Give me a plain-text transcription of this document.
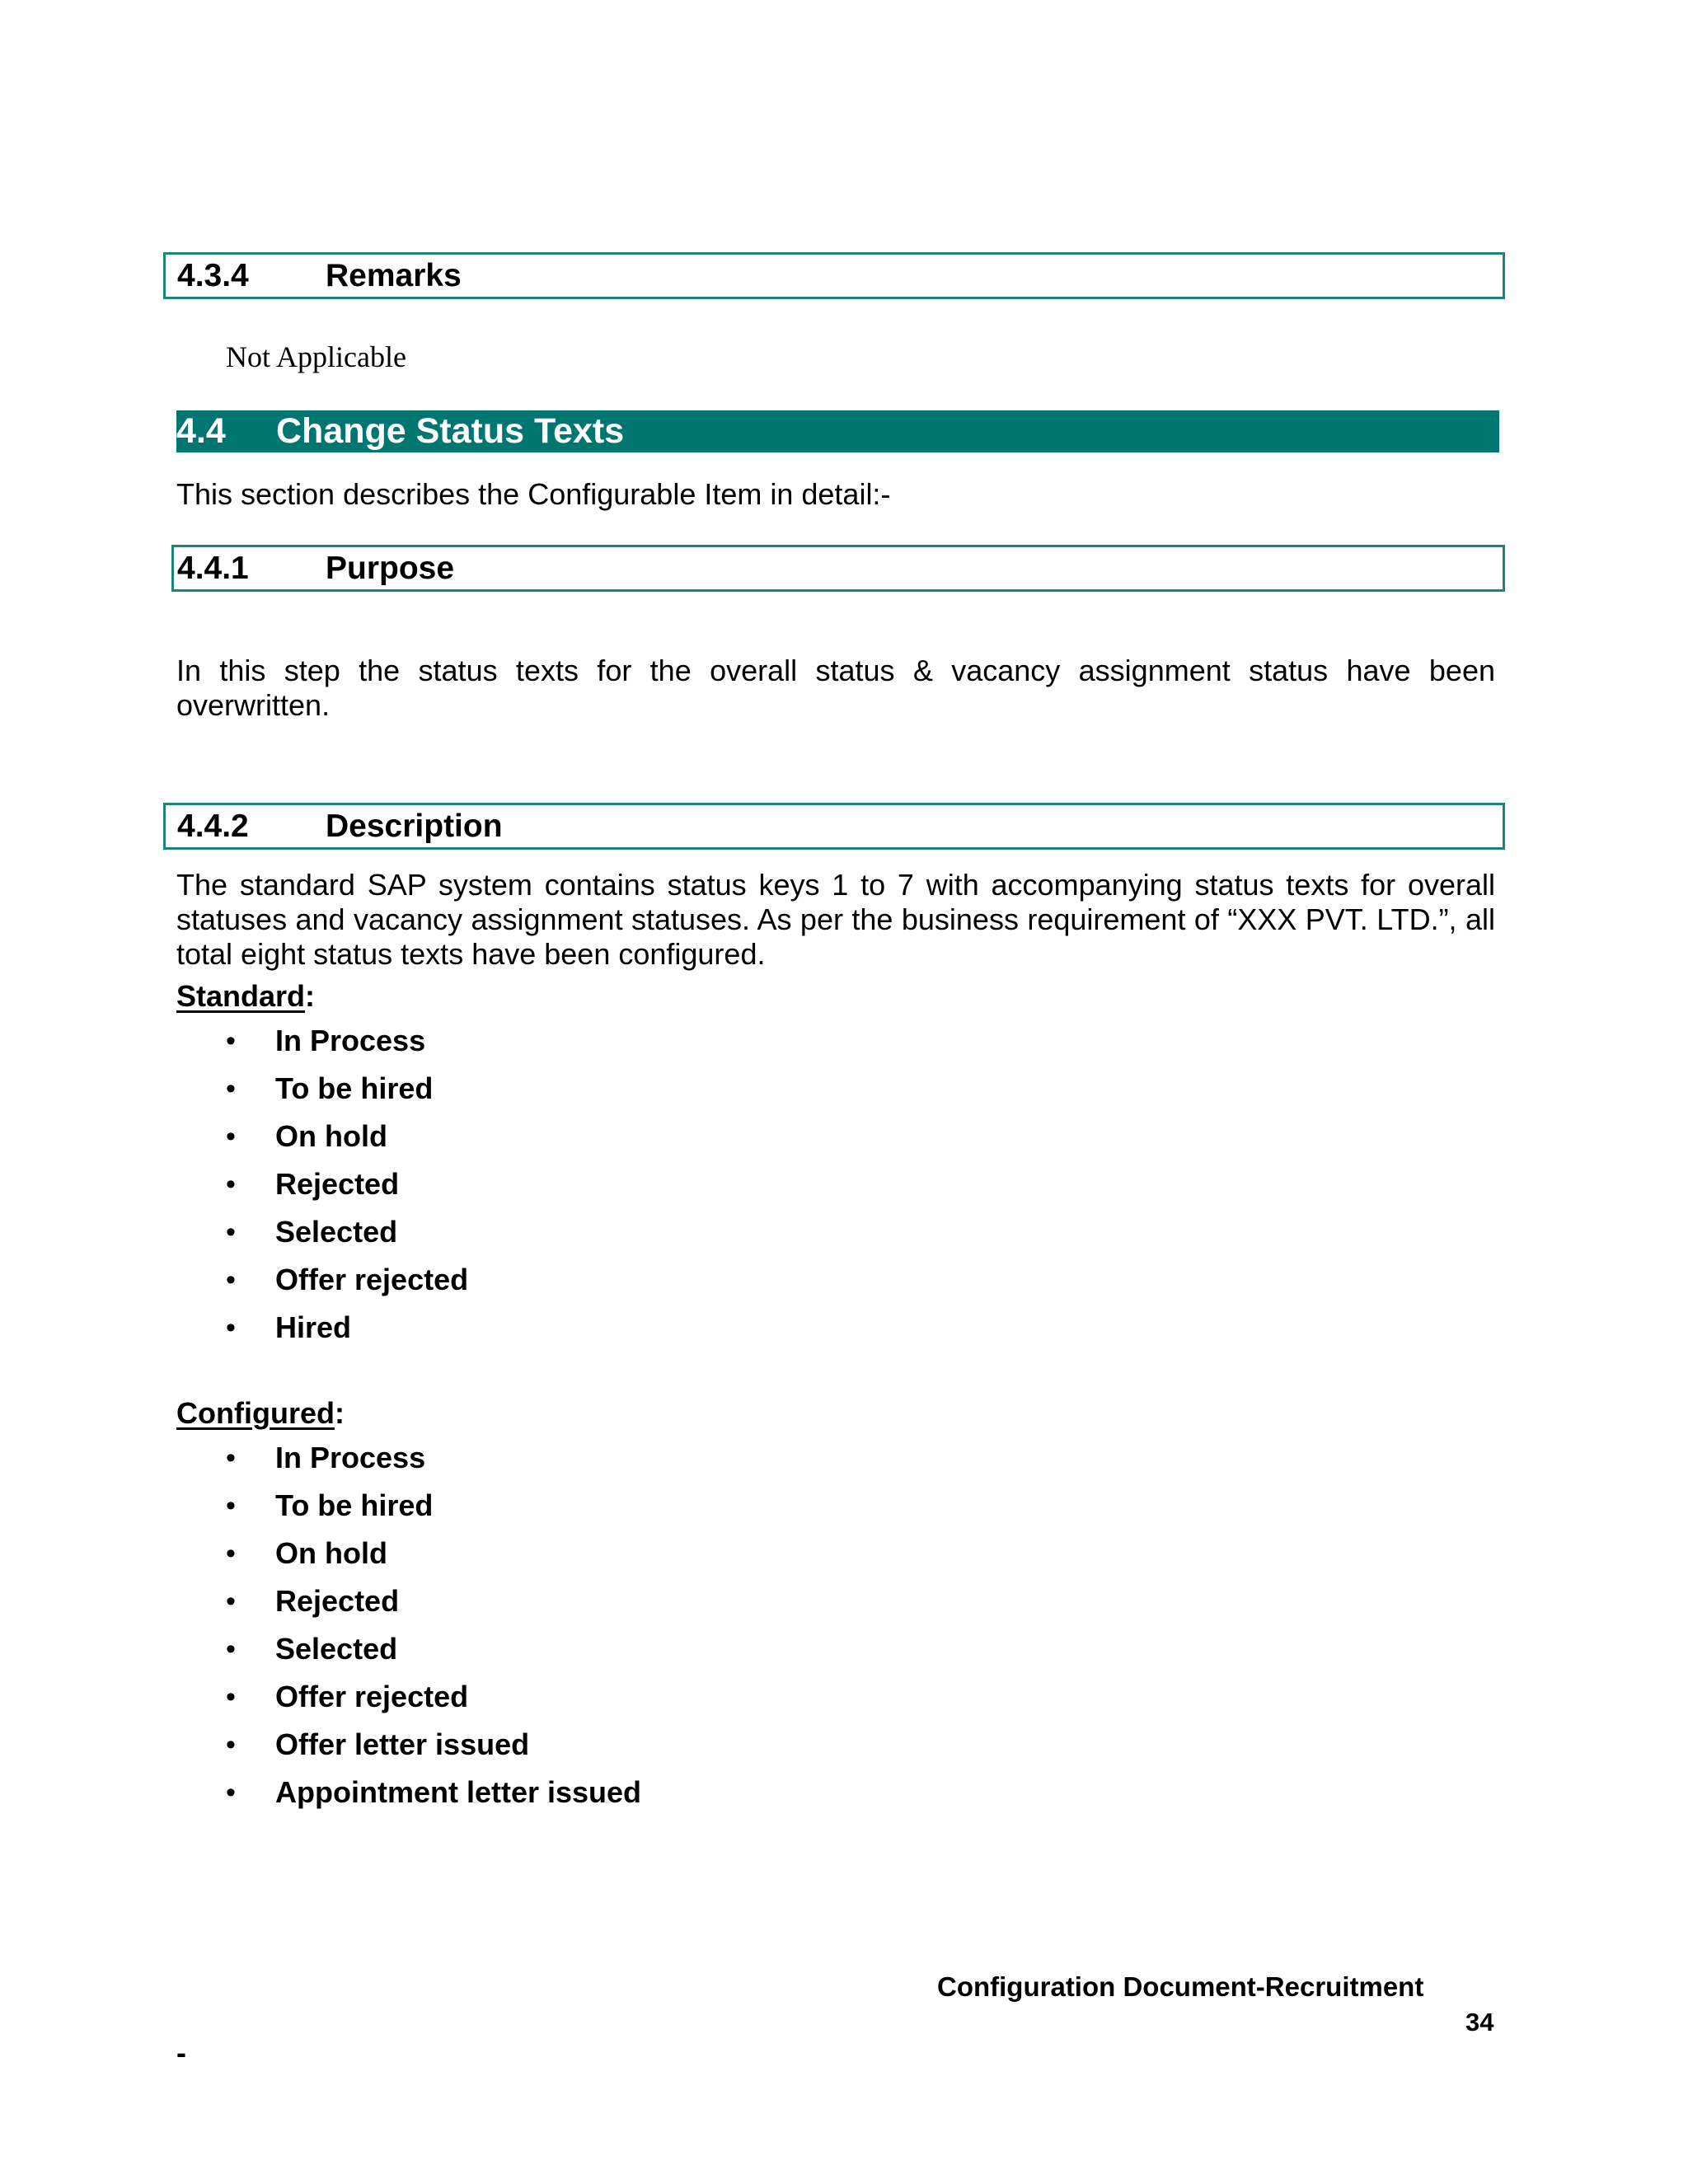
4.3.4	Remarks
Not Applicable
4.4	Change Status Texts
This section describes the Configurable Item in detail:-
4.4.1	Purpose
In this step the status texts for the overall status & vacancy assignment status have been overwritten.
4.4.2	Description
The standard SAP system contains status keys 1 to 7 with accompanying status texts for overall statuses and vacancy assignment statuses. As per the business requirement of “XXX PVT. LTD.”, all total eight status texts have been configured.
Standard:
• In Process
• To be hired
• On hold
• Rejected
• Selected
• Offer rejected
• Hired
Configured:
• In Process
• To be hired
• On hold
• Rejected
• Selected
• Offer rejected
• Offer letter issued
• Appointment letter issued
Configuration Document-Recruitment
34
-
